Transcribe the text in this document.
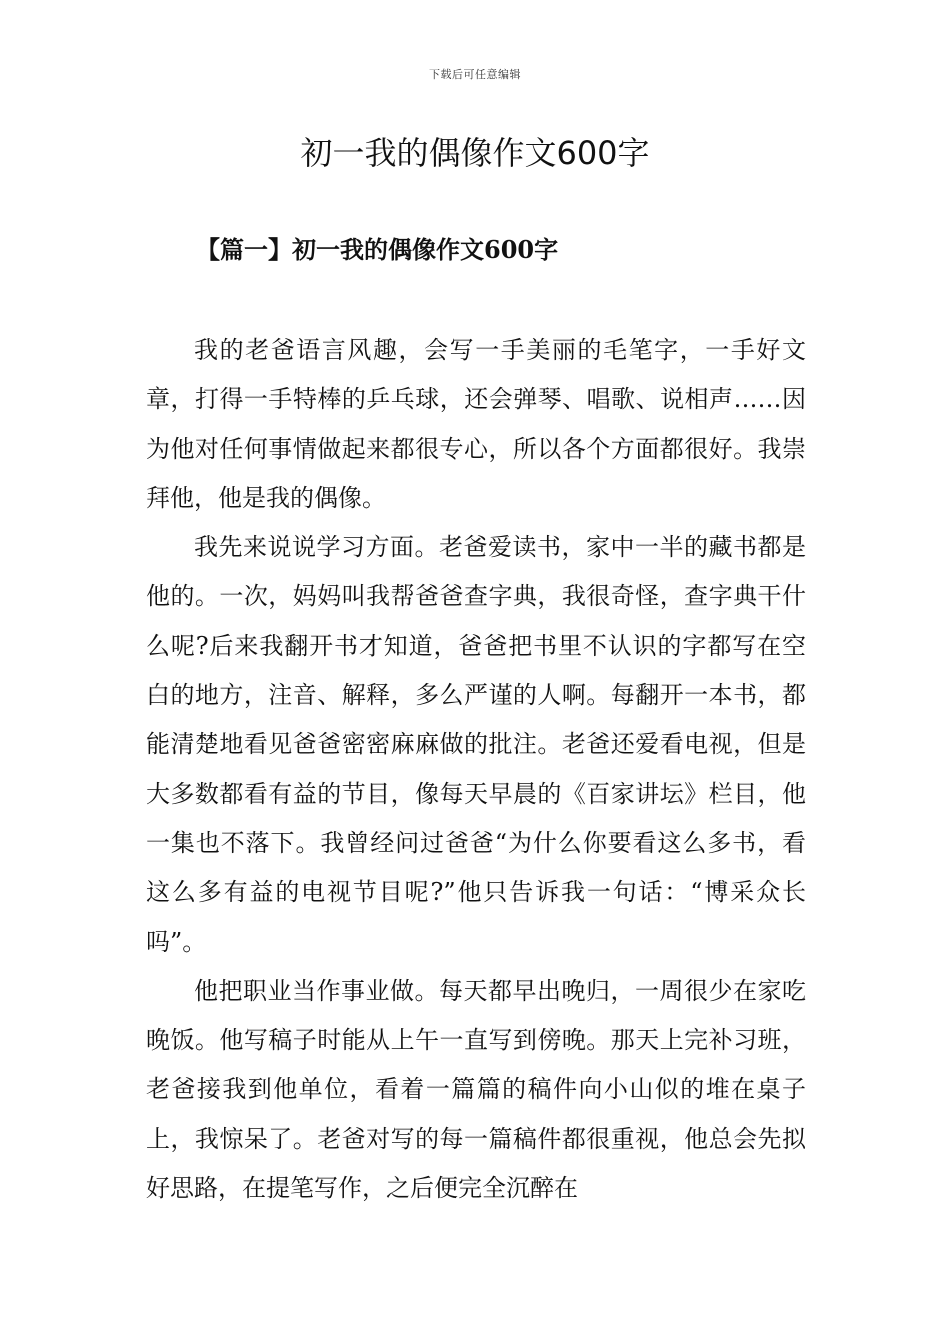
下载后可任意编辑
初一我的偶像作文600字
【篇一】初一我的偶像作文600字

我的老爸语言风趣，会写一手美丽的毛笔字，一手好文章，打得一手特棒的乒乓球，还会弹琴、唱歌、说相声……因为他对任何事情做起来都很专心，所以各个方面都很好。我崇拜他，他是我的偶像。

我先来说说学习方面。老爸爱读书，家中一半的藏书都是他的。一次，妈妈叫我帮爸爸查字典，我很奇怪，查字典干什么呢?后来我翻开书才知道，爸爸把书里不认识的字都写在空白的地方，注音、解释，多么严谨的人啊。每翻开一本书，都能清楚地看见爸爸密密麻麻做的批注。老爸还爱看电视，但是大多数都看有益的节目，像每天早晨的《百家讲坛》栏目，他一集也不落下。我曾经问过爸爸“为什么你要看这么多书，看这么多有益的电视节目呢?”他只告诉我一句话：“博采众长吗”。

他把职业当作事业做。每天都早出晚归，一周很少在家吃晚饭。他写稿子时能从上午一直写到傍晚。那天上完补习班，老爸接我到他单位，看着一篇篇的稿件向小山似的堆在桌子上，我惊呆了。老爸对写的每一篇稿件都很重视，他总会先拟好思路，在提笔写作，之后便完全沉醉在
